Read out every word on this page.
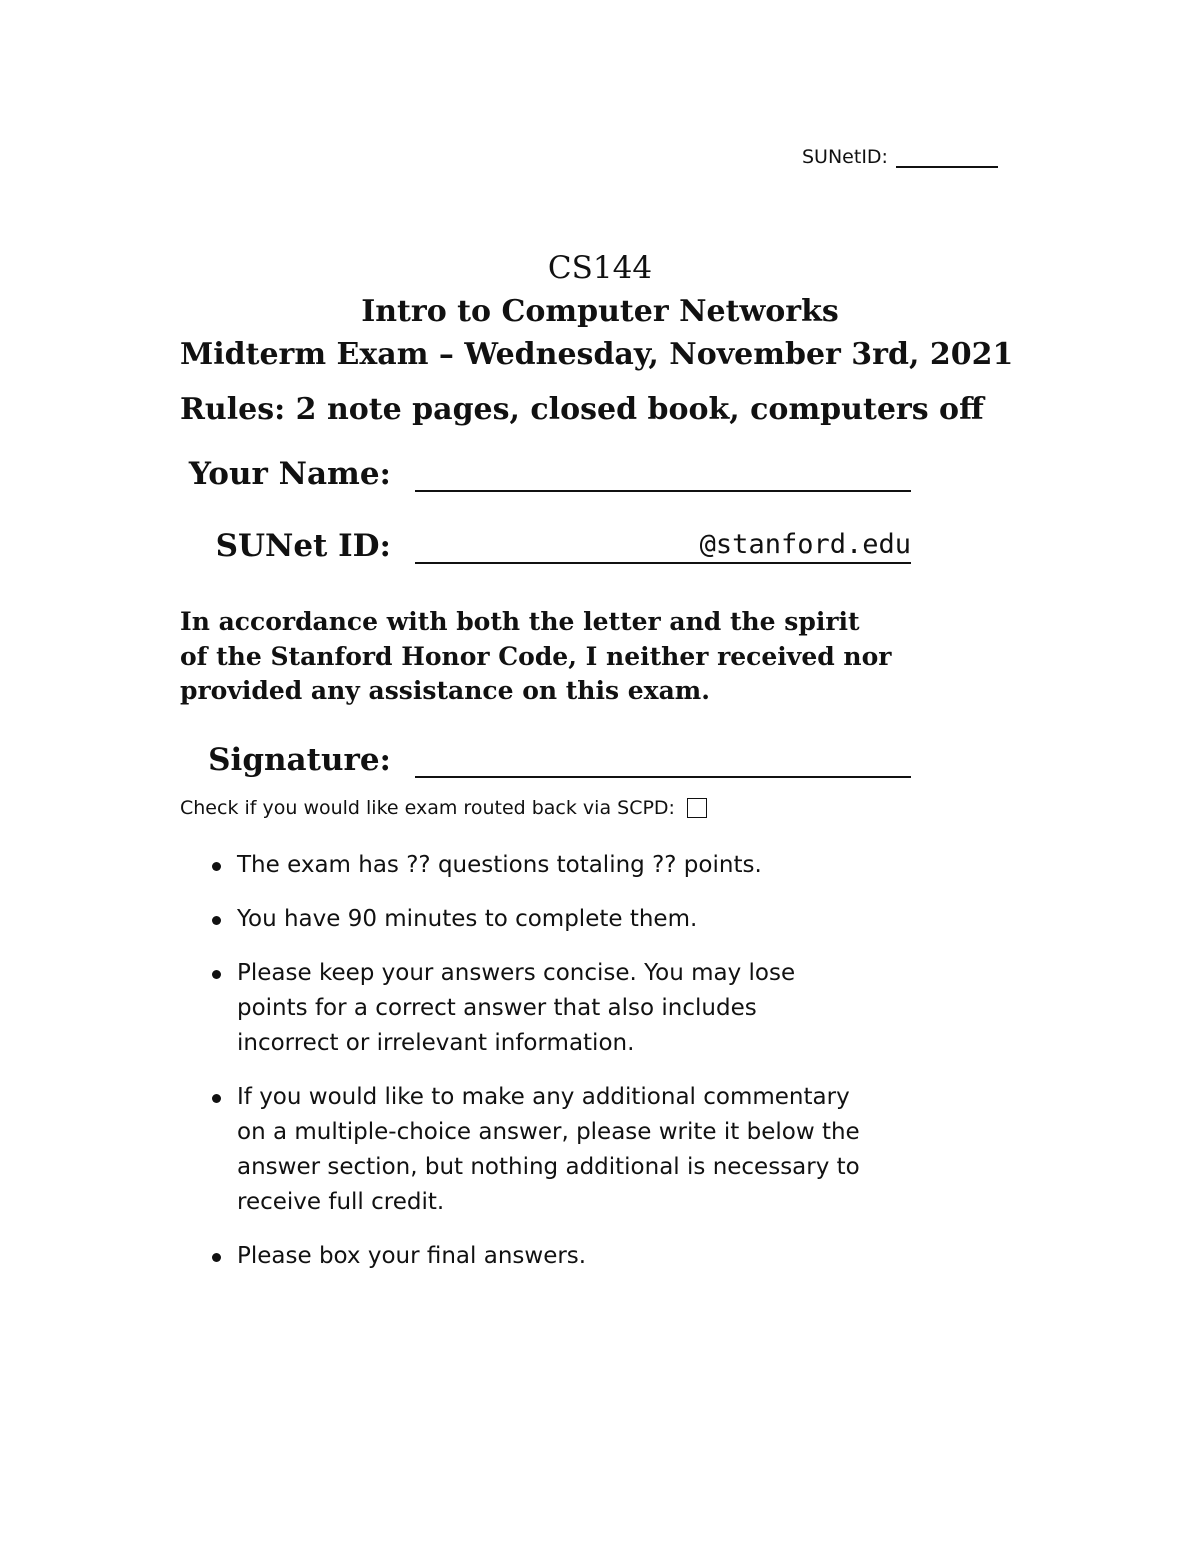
SUNetID:
CS144
Intro to Computer Networks
Midterm Exam – Wednesday, November 3rd, 2021
Rules: 2 note pages, closed book, computers off
Your Name:
SUNet ID:	@stanford.edu
In accordance with both the letter and the spirit
of the Stanford Honor Code, I neither received nor
provided any assistance on this exam.
Signature:
Check if you would like exam routed back via SCPD:
The exam has ?? questions totaling ?? points.
You have 90 minutes to complete them.
Please keep your answers concise. You may lose
points for a correct answer that also includes
incorrect or irrelevant information.
If you would like to make any additional commentary
on a multiple-choice answer, please write it below the
answer section, but nothing additional is necessary to
receive full credit.
Please box your final answers.
